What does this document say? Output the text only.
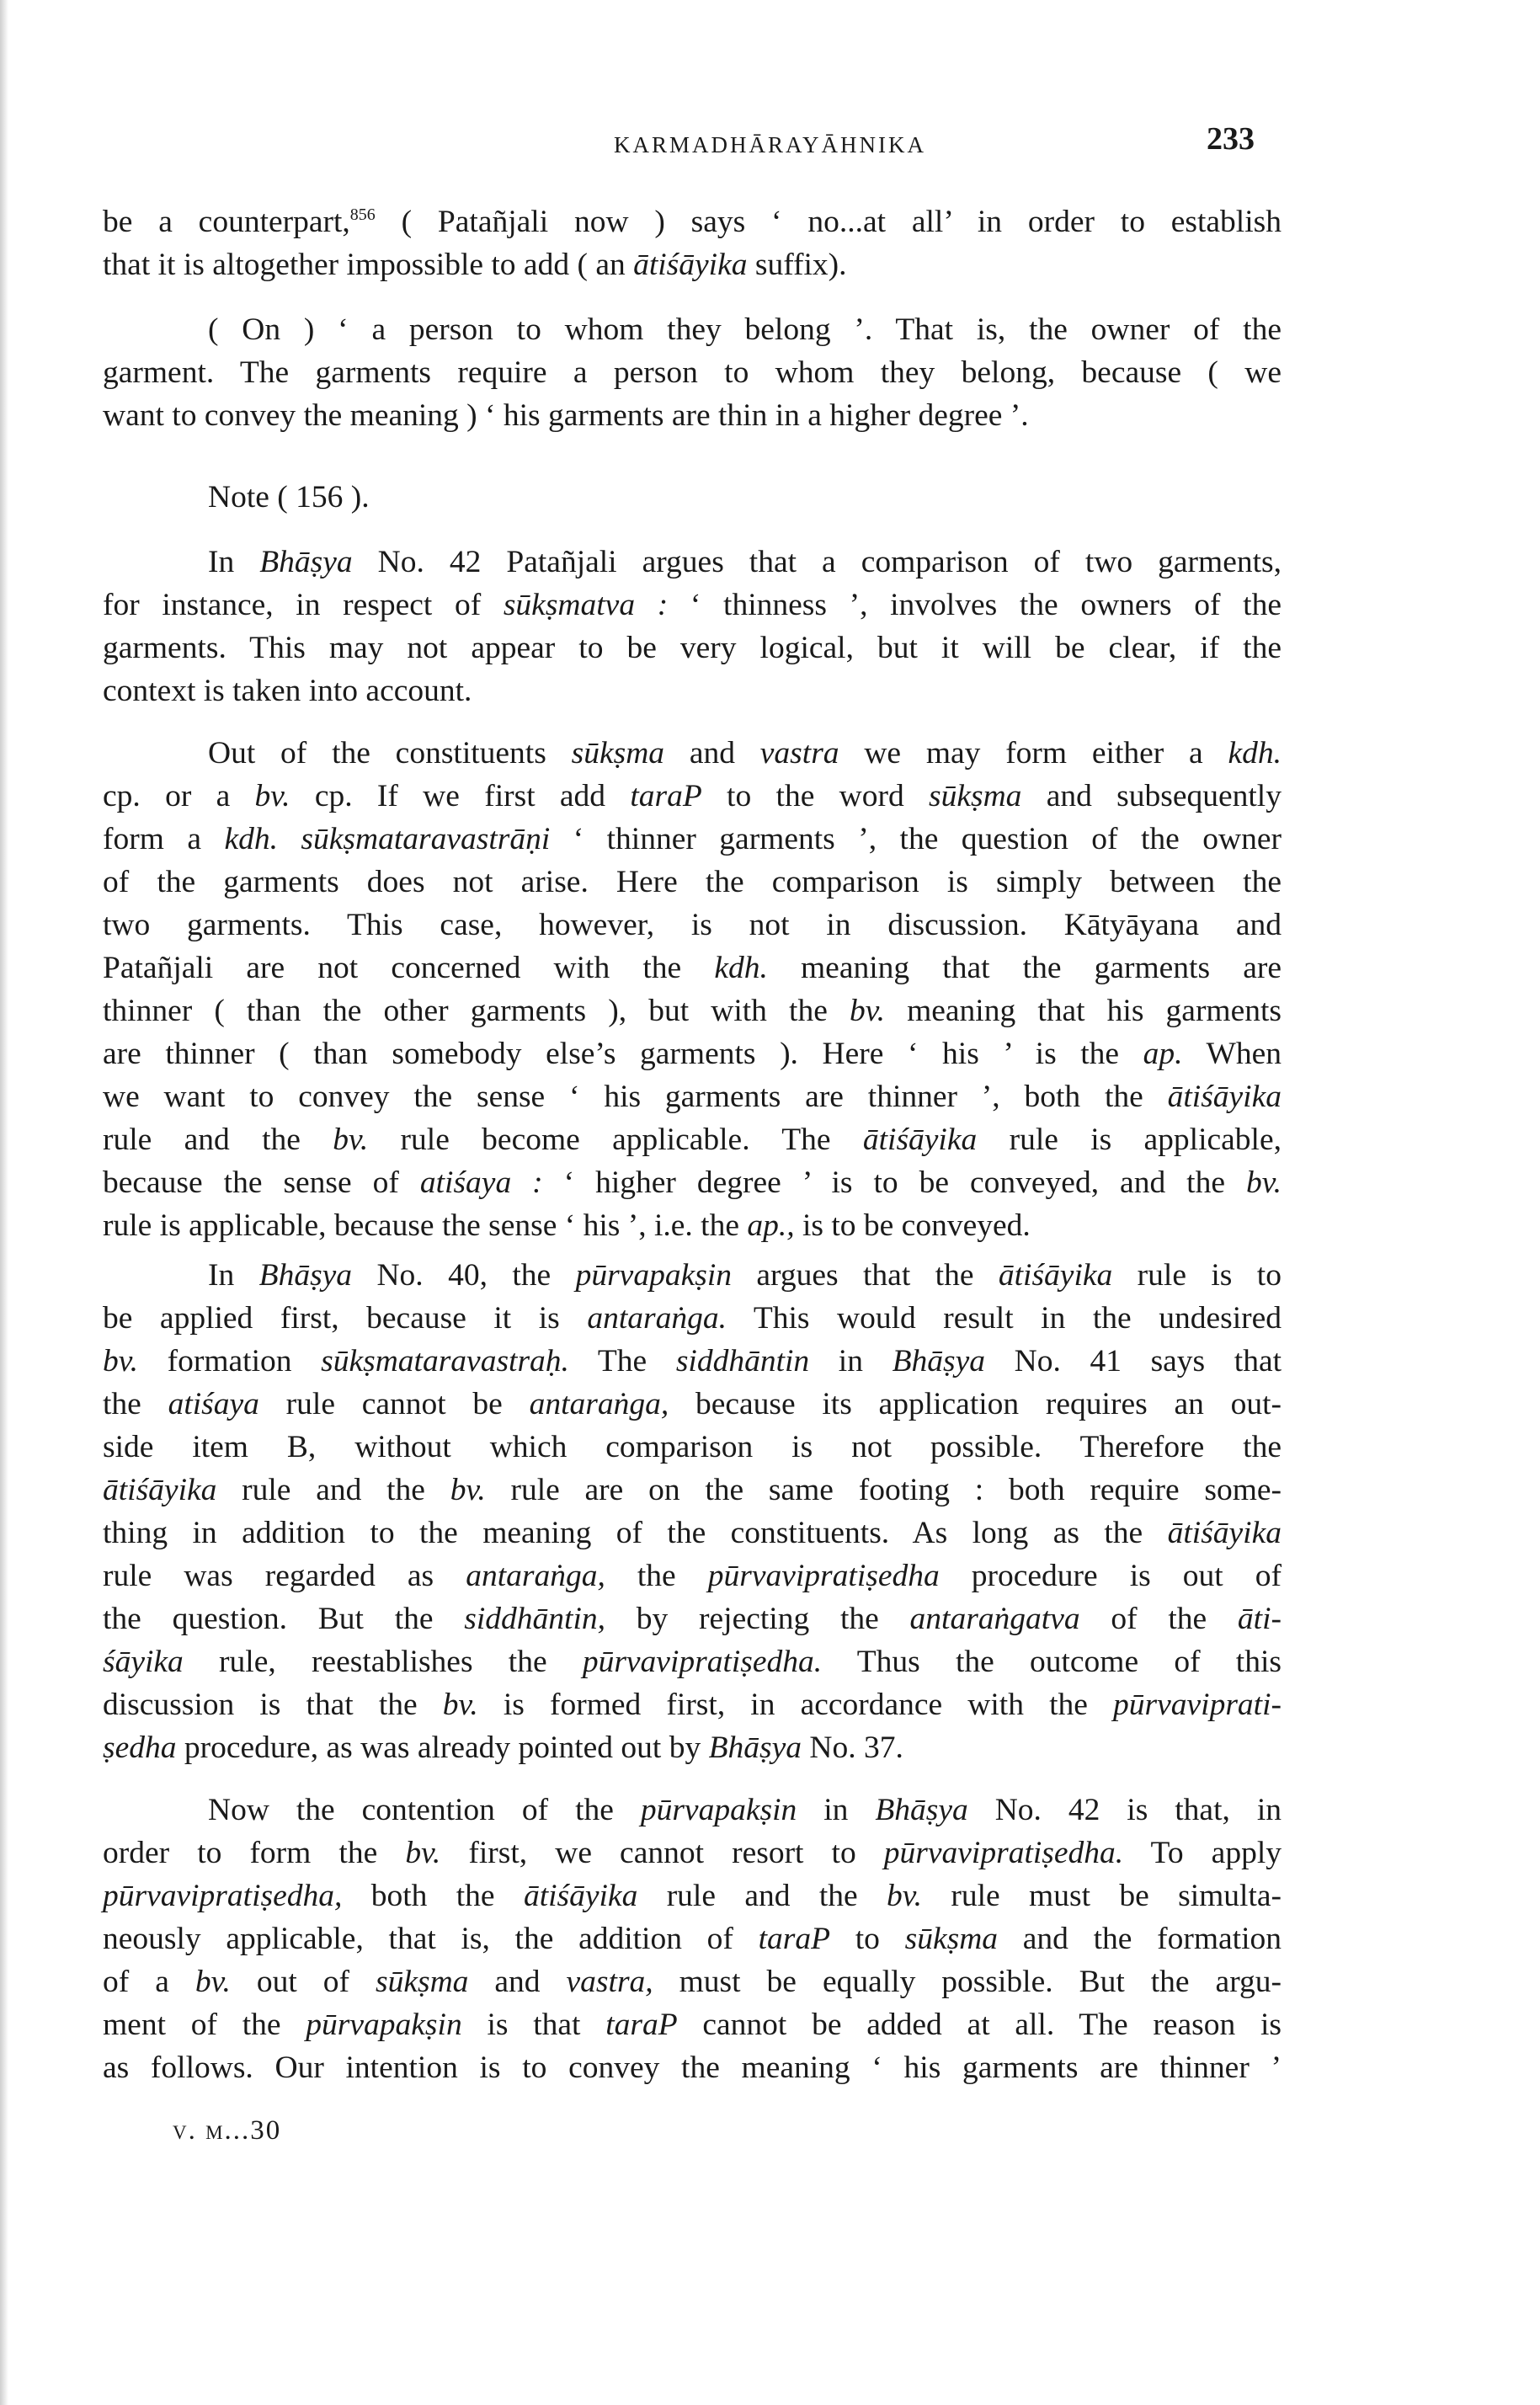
KARMADHĀRAYĀHNIKA	233
be a counterpart,$^{856}$ ( Patañjali now ) says ‘ no...at all’ in order to establish
that it is altogether impossible to add ( an ātiśāyika suffix).
( On ) ‘ a person to whom they belong ’. That is, the owner of the
garment. The garments require a person to whom they belong, because ( we
want to convey the meaning ) ‘ his garments are thin in a higher degree ’.
Note ( 156 ).
In Bhāṣya No. 42 Patañjali argues that a comparison of two garments,
for instance, in respect of sūkṣmatva : ‘ thinness ’, involves the owners of the
garments. This may not appear to be very logical, but it will be clear, if the
context is taken into account.
Out of the constituents sūkṣma and vastra we may form either a kdh.
cp. or a bv. cp. If we first add taraP to the word sūkṣma and subsequently
form a kdh. sūkṣmataravastrāṇi ‘ thinner garments ’, the question of the owner
of the garments does not arise. Here the comparison is simply between the
two garments. This case, however, is not in discussion. Kātyāyana and
Patañjali are not concerned with the kdh. meaning that the garments are
thinner ( than the other garments ), but with the bv. meaning that his garments
are thinner ( than somebody else’s garments ). Here ‘ his ’ is the ap. When
we want to convey the sense ‘ his garments are thinner ’, both the ātiśāyika
rule and the bv. rule become applicable. The ātiśāyika rule is applicable,
because the sense of atiśaya : ‘ higher degree ’ is to be conveyed, and the bv.
rule is applicable, because the sense ‘ his ’, i.e. the ap., is to be conveyed.
In Bhāṣya No. 40, the pūrvapakṣin argues that the ātiśāyika rule is to
be applied first, because it is antaraṅga. This would result in the undesired
bv. formation sūkṣmataravastraḥ. The siddhāntin in Bhāṣya No. 41 says that
the atiśaya rule cannot be antaraṅga, because its application requires an out-
side item B, without which comparison is not possible. Therefore the
ātiśāyika rule and the bv. rule are on the same footing : both require some-
thing in addition to the meaning of the constituents. As long as the ātiśāyika
rule was regarded as antaraṅga, the pūrvavipratiṣedha procedure is out of
the question. But the siddhāntin, by rejecting the antaraṅgatva of the āti-
śāyika rule, reestablishes the pūrvavipratiṣedha. Thus the outcome of this
discussion is that the bv. is formed first, in accordance with the pūrvaviprati-
ṣedha procedure, as was already pointed out by Bhāṣya No. 37.
Now the contention of the pūrvapakṣin in Bhāṣya No. 42 is that, in
order to form the bv. first, we cannot resort to pūrvavipratiṣedha. To apply
pūrvavipratiṣedha, both the ātiśāyika rule and the bv. rule must be simulta-
neously applicable, that is, the addition of taraP to sūkṣma and the formation
of a bv. out of sūkṣma and vastra, must be equally possible. But the argu-
ment of the pūrvapakṣin is that taraP cannot be added at all. The reason is
as follows. Our intention is to convey the meaning ‘ his garments are thinner ’
v. m...30
